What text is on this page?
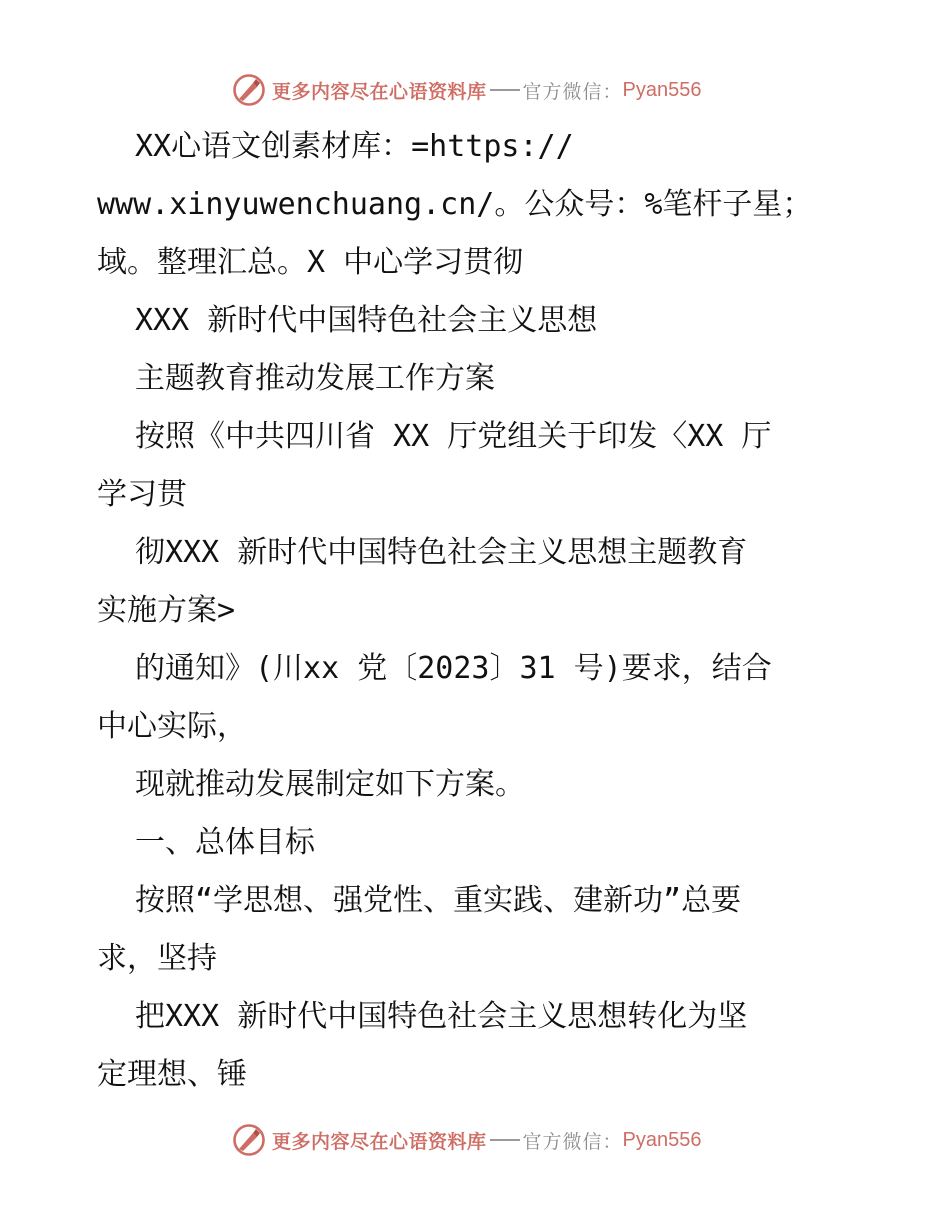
更多内容尽在心语资料库 官方微信： Pyan556
XX心语文创素材库：=https://
www.xinyuwenchuang.cn/。公众号：%笔杆子星；
域。整理汇总。X 中心学习贯彻
XXX 新时代中国特色社会主义思想
主题教育推动发展工作方案
按照《中共四川省 XX 厅党组关于印发〈XX 厅
学习贯
彻XXX 新时代中国特色社会主义思想主题教育
实施方案>
的通知》(川xx 党〔2023〕31 号)要求，结合
中心实际，
现就推动发展制定如下方案。
一、总体目标
按照“学思想、强党性、重实践、建新功”总要
求，坚持
把XXX 新时代中国特色社会主义思想转化为坚
定理想、锤
更多内容尽在心语资料库 官方微信： Pyan556
